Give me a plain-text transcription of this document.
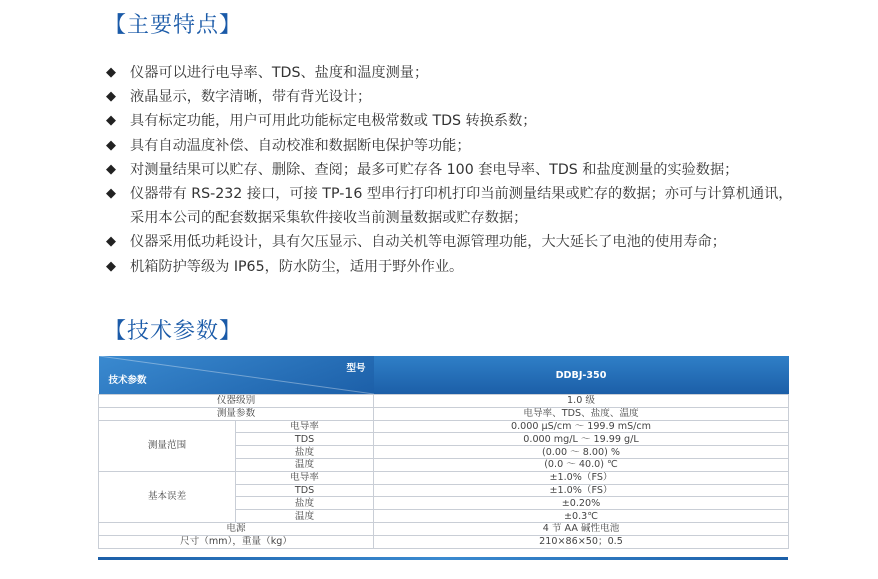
【主要特点】
◆ 仪器可以进行电导率、TDS、盐度和温度测量；
◆ 液晶显示，数字清晰，带有背光设计；
◆ 具有标定功能，用户可用此功能标定电极常数或 TDS 转换系数；
◆ 具有自动温度补偿、自动校准和数据断电保护等功能；
◆ 对测量结果可以贮存、删除、查阅；最多可贮存各 100 套电导率、TDS 和盐度测量的实验数据；
◆ 仪器带有 RS-232 接口，可接 TP-16 型串行打印机打印当前测量结果或贮存的数据；亦可与计算机通讯，采用本公司的配套数据采集软件接收当前测量数据或贮存数据；
◆ 仪器采用低功耗设计，具有欠压显示、自动关机等电源管理功能，大大延长了电池的使用寿命；
◆ 机箱防护等级为 IP65，防水防尘，适用于野外作业。
【技术参数】
型号
技术参数		DDBJ-350
仪器级别		1.0 级
测量参数		电导率、TDS、盐度、温度
测量范围	电导率	0.000 μS/cm ～ 199.9 mS/cm
	TDS	0.000 mg/L ～ 19.99 g/L
	盐度	(0.00 ～ 8.00) %
	温度	(0.0 ～ 40.0) ℃
基本误差	电导率	±1.0%（FS）
	TDS	±1.0%（FS）
	盐度	±0.20%
	温度	±0.3℃
电源		4 节 AA 碱性电池
尺寸（mm），重量（kg）		210×86×50；0.5
